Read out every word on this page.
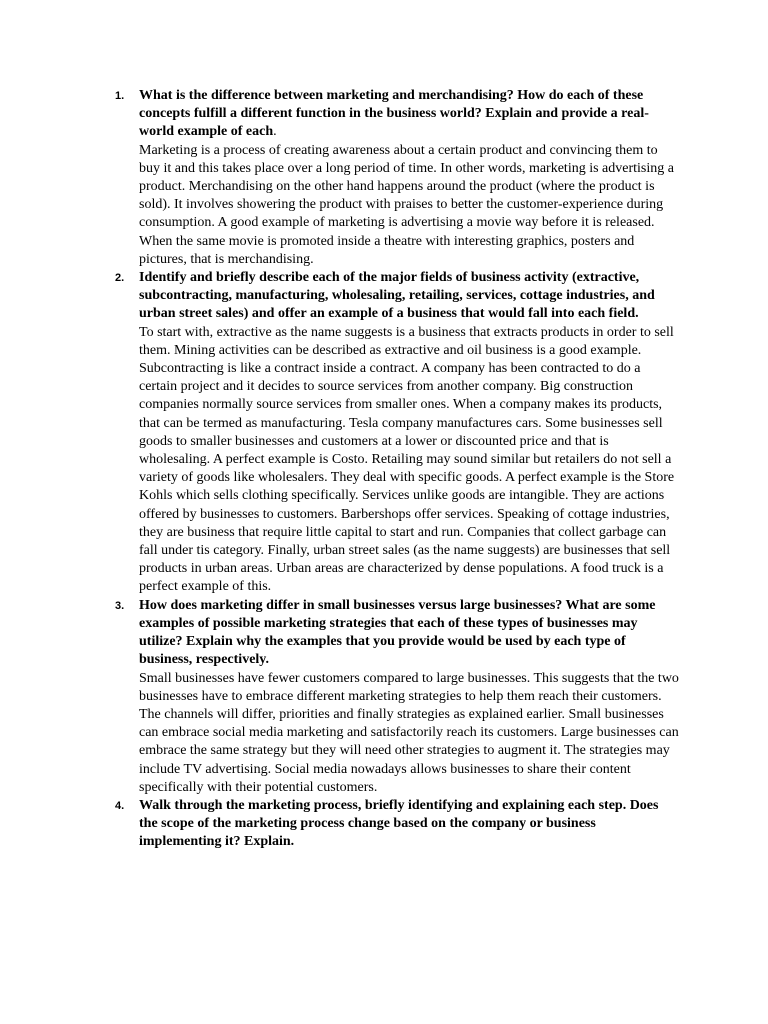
1. What is the difference between marketing and merchandising? How do each of these concepts fulfill a different function in the business world? Explain and provide a real-world example of each.

Marketing is a process of creating awareness about a certain product and convincing them to buy it and this takes place over a long period of time. In other words, marketing is advertising a product. Merchandising on the other hand happens around the product (where the product is sold). It involves showering the product with praises to better the customer-experience during consumption. A good example of marketing is advertising a movie way before it is released. When the same movie is promoted inside a theatre with interesting graphics, posters and pictures, that is merchandising.

2. Identify and briefly describe each of the major fields of business activity (extractive, subcontracting, manufacturing, wholesaling, retailing, services, cottage industries, and urban street sales) and offer an example of a business that would fall into each field.

To start with, extractive as the name suggests is a business that extracts products in order to sell them. Mining activities can be described as extractive and oil business is a good example. Subcontracting is like a contract inside a contract. A company has been contracted to do a certain project and it decides to source services from another company. Big construction companies normally source services from smaller ones. When a company makes its products, that can be termed as manufacturing. Tesla company manufactures cars. Some businesses sell goods to smaller businesses and customers at a lower or discounted price and that is wholesaling. A perfect example is Costo. Retailing may sound similar but retailers do not sell a variety of goods like wholesalers. They deal with specific goods. A perfect example is the Store Kohls which sells clothing specifically. Services unlike goods are intangible. They are actions offered by businesses to customers. Barbershops offer services. Speaking of cottage industries, they are business that require little capital to start and run. Companies that collect garbage can fall under tis category. Finally, urban street sales (as the name suggests) are businesses that sell products in urban areas. Urban areas are characterized by dense populations. A food truck is a perfect example of this.

3. How does marketing differ in small businesses versus large businesses? What are some examples of possible marketing strategies that each of these types of businesses may utilize? Explain why the examples that you provide would be used by each type of business, respectively.

Small businesses have fewer customers compared to large businesses. This suggests that the two businesses have to embrace different marketing strategies to help them reach their customers. The channels will differ, priorities and finally strategies as explained earlier. Small businesses can embrace social media marketing and satisfactorily reach its customers. Large businesses can embrace the same strategy but they will need other strategies to augment it. The strategies may include TV advertising. Social media nowadays allows businesses to share their content specifically with their potential customers.

4. Walk through the marketing process, briefly identifying and explaining each step. Does the scope of the marketing process change based on the company or business implementing it? Explain.
